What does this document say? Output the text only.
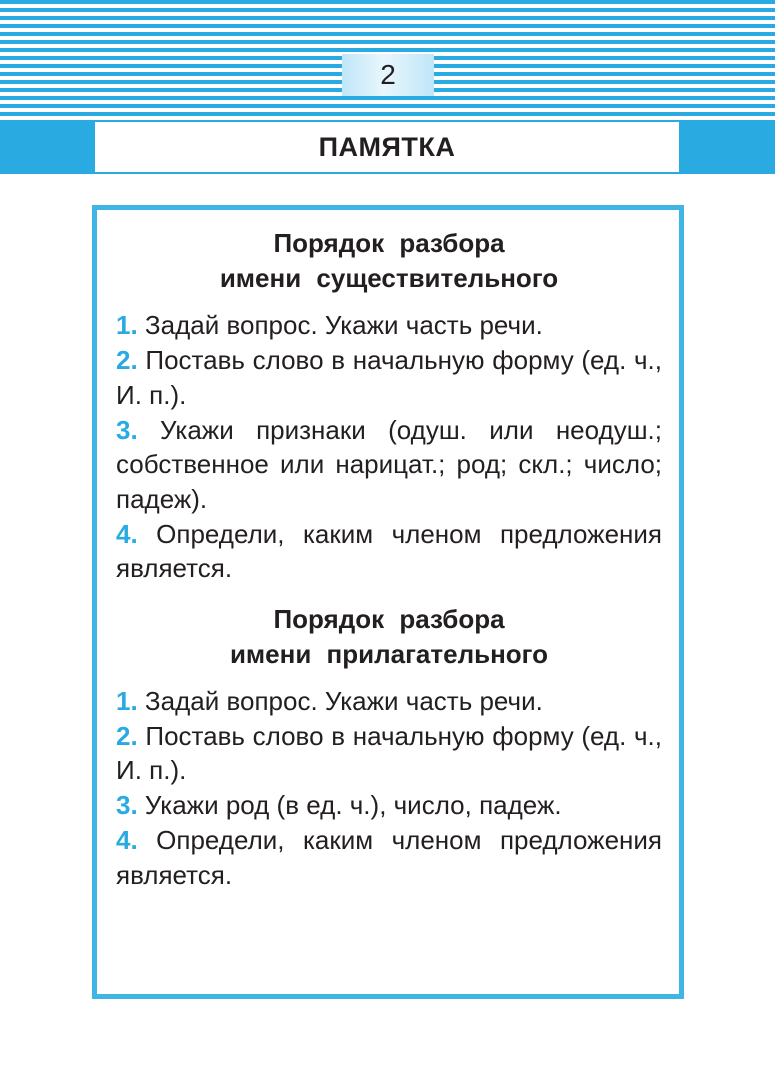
2
ПАМЯТКА
Порядок разбора
имени существительного
1. Задай вопрос. Укажи часть речи.
2. Поставь слово в начальную форму (ед. ч., И. п.).
3. Укажи признаки (одуш. или неодуш.; собственное или нарицат.; род; скл.; число; падеж).
4. Определи, каким членом предложения является.
Порядок разбора
имени прилагательного
1. Задай вопрос. Укажи часть речи.
2. Поставь слово в начальную форму (ед. ч., И. п.).
3. Укажи род (в ед. ч.), число, падеж.
4. Определи, каким членом предложения является.
